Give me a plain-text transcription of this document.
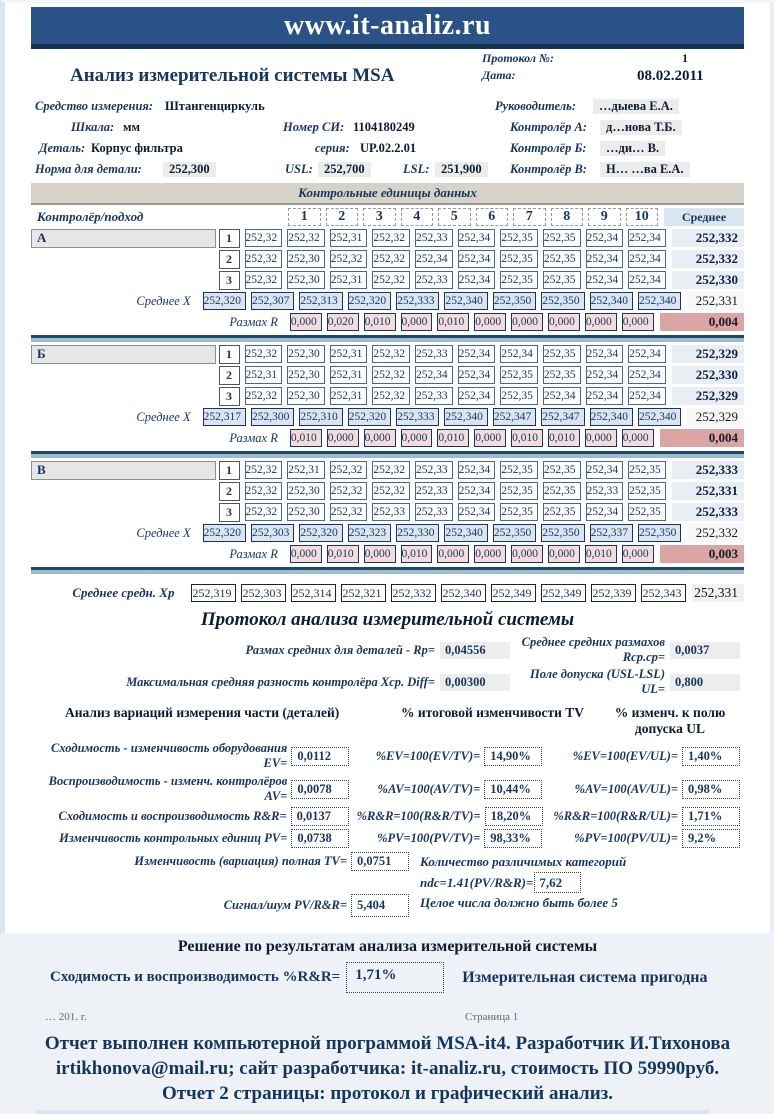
www.it-analiz.ru
Анализ измерительной системы MSA
Протокол №:	1
Дата:	08.02.2011
Средство измерения: Штангенциркуль	Руководитель:	…дыева Е.А.
Шкала: мм	Номер СИ: 1104180249	Контролёр А:	д…нова Т.Б.
Деталь: Корпус фильтра	серия: UP.02.2.01	Контролёр Б:	…ди… В.
Норма для детали:	252,300	USL: 252,700	LSL: 251,900	Контролёр В:	Н… …ва Е.А.
Контрольные единицы данных
Контролёр/подход	1	2	3	4	5	6	7	8	9	10	Среднее
А	1	252,32 252,32 252,31 252,32 252,33 252,34 252,35 252,35 252,34 252,34	252,332
2	252,32 252,30 252,32 252,32 252,34 252,34 252,35 252,35 252,34 252,34	252,332
3	252,32 252,30 252,31 252,32 252,33 252,34 252,35 252,35 252,34 252,34	252,330
Среднее X	252,320 252,307 252,313 252,320 252,333 252,340 252,350 252,350 252,340 252,340	252,331
Размах R	0,000 0,020 0,010 0,000 0,010 0,000 0,000 0,000 0,000 0,000	0,004
Б	1	252,32 252,30 252,31 252,32 252,33 252,34 252,34 252,35 252,34 252,34	252,329
2	252,31 252,30 252,31 252,32 252,34 252,34 252,35 252,35 252,34 252,34	252,330
3	252,32 252,30 252,31 252,32 252,33 252,34 252,35 252,34 252,34 252,34	252,329
Среднее X	252,317 252,300 252,310 252,320 252,333 252,340 252,347 252,347 252,340 252,340	252,329
Размах R	0,010 0,000 0,000 0,000 0,010 0,000 0,010 0,010 0,000 0,000	0,004
В	1	252,32 252,31 252,32 252,32 252,33 252,34 252,35 252,35 252,34 252,35	252,333
2	252,32 252,30 252,32 252,32 252,33 252,34 252,35 252,35 252,33 252,35	252,331
3	252,32 252,30 252,32 252,33 252,33 252,34 252,35 252,35 252,34 252,35	252,333
Среднее X	252,320 252,303 252,320 252,323 252,330 252,340 252,350 252,350 252,337 252,350	252,332
Размах R	0,000 0,010 0,000 0,010 0,000 0,000 0,000 0,000 0,010 0,000	0,003
Среднее средн. Xp	252,319 252,303 252,314 252,321 252,332 252,340 252,349 252,349 252,339 252,343 252,331
Протокол анализа измерительной системы
Размах средних для деталей - Rp= 0,04556
Среднее средних размахов Rcp.cp=
0,0037
Максимальная средняя разность контролёра Хср. Diff= 0,00300
Поле допуска (USL-LSL) UL=
0,800
Анализ вариаций измерения части (деталей)	% итоговой изменчивости TV	% изменч. к полю допуска UL
Сходимость - изменчивость оборудования EV=
0,0112	%EV=100(EV/TV)= 14,90%	%EV=100(EV/UL)= 1,40%
Воспроизводимость - изменч. контролёров AV=
0,0078	%AV=100(AV/TV)= 10,44%	%AV=100(AV/UL)= 0,98%
Сходимость и воспроизводимость R&R= 0,0137	%R&R=100(R&R/TV)= 18,20%	%R&R=100(R&R/UL)= 1,71%
Изменчивость контрольных единиц PV= 0,0738	%PV=100(PV/TV)= 98,33%	%PV=100(PV/UL)= 9,2%
Изменчивость (вариация) полная TV= 0,0751
Сигнал/шум PV/R&R= 5,404
Количество различимых категорий
ndc=1.41(PV/R&R)= 7,62
Целое числа должно быть более 5
Решение по результатам анализа измерительной системы
Сходимость и воспроизводимость %R&R=	1,71%	Измерительная система пригодна
… 201. г.	Страница 1
Отчет выполнен компьютерной программой MSA-it4. Разработчик И.Тихонова
irtikhonova@mail.ru; сайт разработчика: it-analiz.ru, стоимость ПО 59990руб.
Отчет 2 страницы: протокол и графический анализ.
